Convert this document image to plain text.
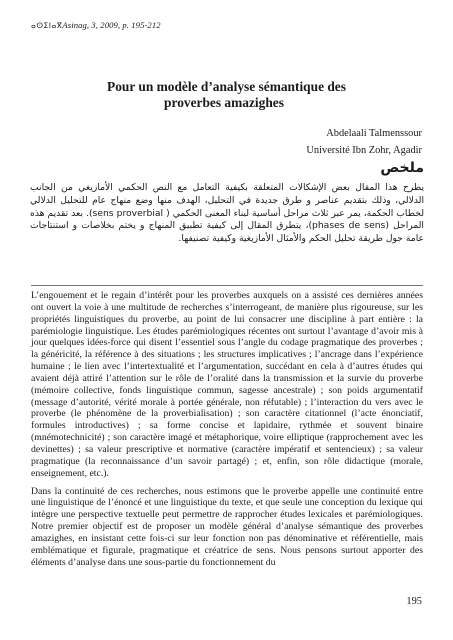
ⴰⵙⵉⵏⴰⴳAsinag, 3, 2009, p. 195-212
Pour un modèle d’analyse sémantique des

proverbes amazighes
Abdelaali Talmenssour
Université Ibn Zohr, Agadir
ملخص
يطرح هذا المقال بعض الإشكالات المتعلقة بكيفية التعامل مع النص الحكمي الأمازيغي من الجانب الدلالي، وذلك بتقديم عناصر و طرق جديدة في التحليل، الهدف منها وضع منهاج عام للتحليل الدلالي لخطاب الحكمة، يمر عبر ثلاث مراحل أساسية لبناء المعنى الحكمي ( sens proverbial). بعد تقديم هذه المراحل (phases de sens)، يتطرق المقال إلى كيفية تطبيق المنهاج و يختم بخلاصات و استنتاجات عامة حول طريقة تحليل الحكم والأمثال الأمازيغية وكيفية تصنيفها.

L’engouement et le regain d’intérêt pour les proverbes auxquels on a assisté ces dernières années ont ouvert la voie à une multitude de recherches s’interrogeant, de manière plus rigoureuse, sur les propriétés linguistiques du proverbe, au point de lui consacrer une discipline à part entière : la parémiologie linguistique. Les études parémiologiques récentes ont surtout l’avantage d’avoir mis à jour quelques idées-force qui disent l’essentiel sous l’angle du codage pragmatique des proverbes ; la généricité, la référence à des situations ; les structures implicatives ; l’ancrage dans l’expérience humaine ; le lien avec l’intertextualité et l’argumentation, succédant en cela à d’autres études qui avaient déjà attiré l’attention sur le rôle de l’oralité dans la transmission et la survie du proverbe (mémoire collective, fonds linguistique commun, sagesse ancestrale) ; son poids argumentatif (message d’autorité, vérité morale à portée générale, non réfutable) ; l’interaction du vers avec le proverbe (le phénomène de la proverbialisation) ; son caractère citationnel (l’acte énonciatif, formules introductives) ; sa forme concise et lapidaire, rythmée et souvent binaire (mnémotechnicité) ; son caractère imagé et métaphorique, voire elliptique (rapprochement avec les devinettes) ; sa valeur prescriptive et normative (caractère impératif et sentencieux) ; sa valeur pragmatique (la reconnaissance d’un savoir partagé) ; et, enfin, son rôle didactique (morale, enseignement, etc.).

Dans la continuité de ces recherches, nous estimons que le proverbe appelle une continuité entre une linguistique de l’énoncé et une linguistique du texte, et que seule une conception du lexique qui intègre une perspective textuelle peut permettre de rapprocher études lexicales et parémiologiques. Notre premier objectif est de proposer un modèle général d’analyse sémantique des proverbes amazighes, en insistant cette fois-ci sur leur fonction non pas dénominative et référentielle, mais emblématique et figurale, pragmatique et créatrice de sens. Nous pensons surtout apporter des éléments d’analyse dans une sous-partie du fonctionnement du

195
